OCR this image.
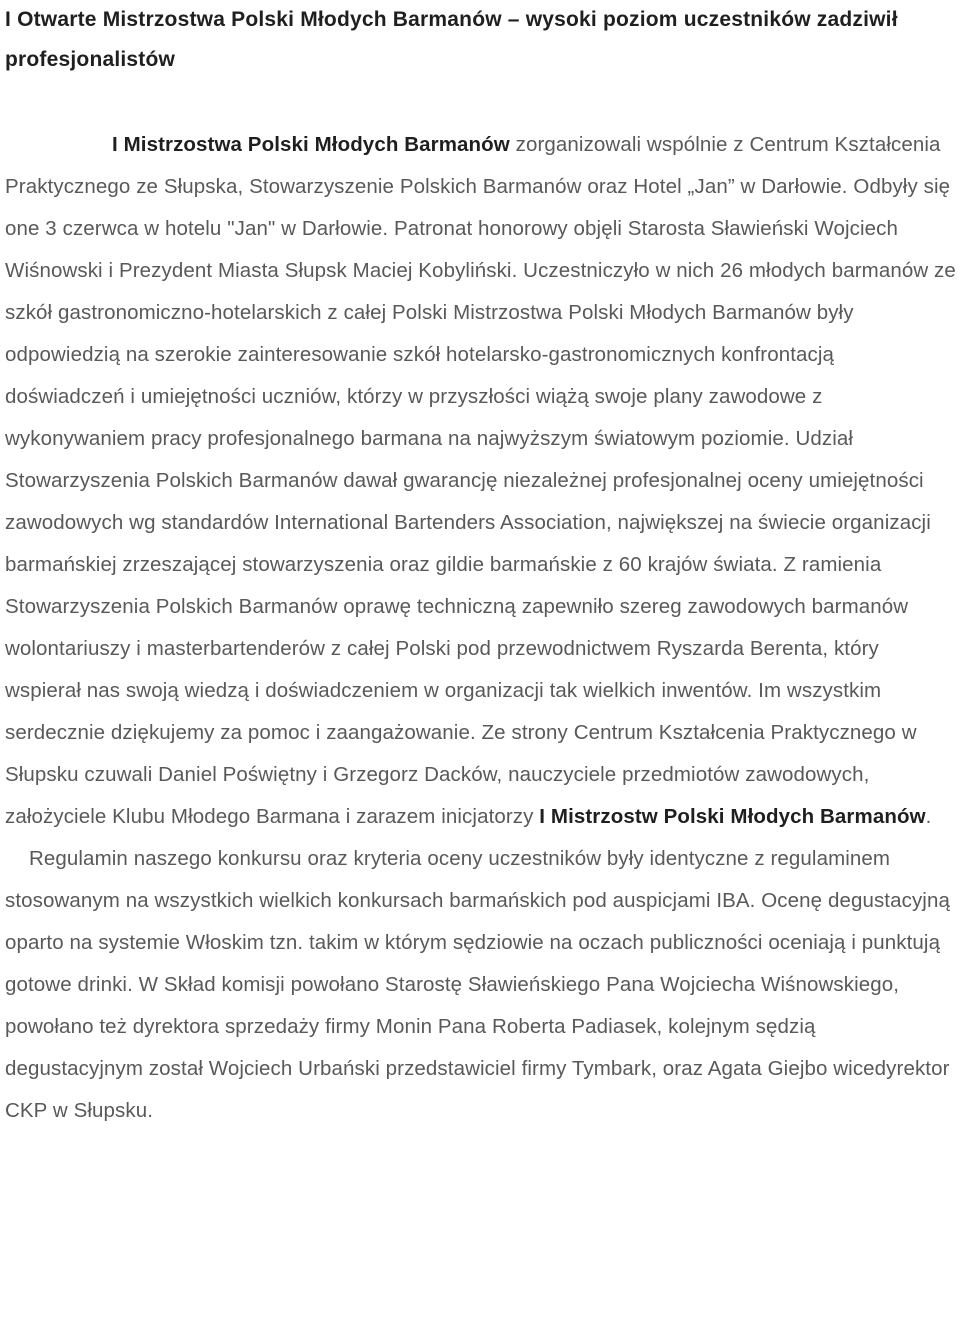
I Otwarte Mistrzostwa Polski Młodych Barmanów – wysoki poziom uczestników zadziwił profesjonalistów

I Mistrzostwa Polski Młodych Barmanów zorganizowali wspólnie z Centrum Kształcenia Praktycznego ze Słupska, Stowarzyszenie Polskich Barmanów oraz Hotel „Jan” w Darłowie. Odbyły się one 3 czerwca w hotelu "Jan" w Darłowie. Patronat honorowy objęli Starosta Sławieński Wojciech Wiśnowski i Prezydent Miasta Słupsk Maciej Kobyliński. Uczestniczyło w nich 26 młodych barmanów ze szkół gastronomiczno-hotelarskich z całej Polski Mistrzostwa Polski Młodych Barmanów były odpowiedzią na szerokie zainteresowanie szkół hotelarsko-gastronomicznych konfrontacją doświadczeń i umiejętności uczniów, którzy w przyszłości wiążą swoje plany zawodowe z wykonywaniem pracy profesjonalnego barmana na najwyższym światowym poziomie. Udział Stowarzyszenia Polskich Barmanów dawał gwarancję niezależnej profesjonalnej oceny umiejętności zawodowych wg standardów International Bartenders Association, największej na świecie organizacji barmańskiej zrzeszającej stowarzyszenia oraz gildie barmańskie z 60 krajów świata. Z ramienia Stowarzyszenia Polskich Barmanów oprawę techniczną zapewniło szereg zawodowych barmanów wolontariuszy i masterbartenderów z całej Polski pod przewodnictwem Ryszarda Berenta, który wspierał nas swoją wiedzą i doświadczeniem w organizacji tak wielkich inwentów. Im wszystkim serdecznie dziękujemy za pomoc i zaangażowanie. Ze strony Centrum Kształcenia Praktycznego w Słupsku czuwali Daniel Poświętny i Grzegorz Dacków, nauczyciele przedmiotów zawodowych, założyciele Klubu Młodego Barmana i zarazem inicjatorzy I Mistrzostw Polski Młodych Barmanów.

Regulamin naszego konkursu oraz kryteria oceny uczestników były identyczne z regulaminem stosowanym na wszystkich wielkich konkursach barmańskich pod auspicjami IBA. Ocenę degustacyjną oparto na systemie Włoskim tzn. takim w którym sędziowie na oczach publiczności oceniają i punktują gotowe drinki. W Skład komisji powołano Starostę Sławieńskiego Pana Wojciecha Wiśnowskiego, powołano też dyrektora sprzedaży firmy Monin Pana Roberta Padiasek, kolejnym sędzią degustacyjnym został Wojciech Urbański przedstawiciel firmy Tymbark, oraz Agata Giejbo wicedyrektor CKP w Słupsku.
